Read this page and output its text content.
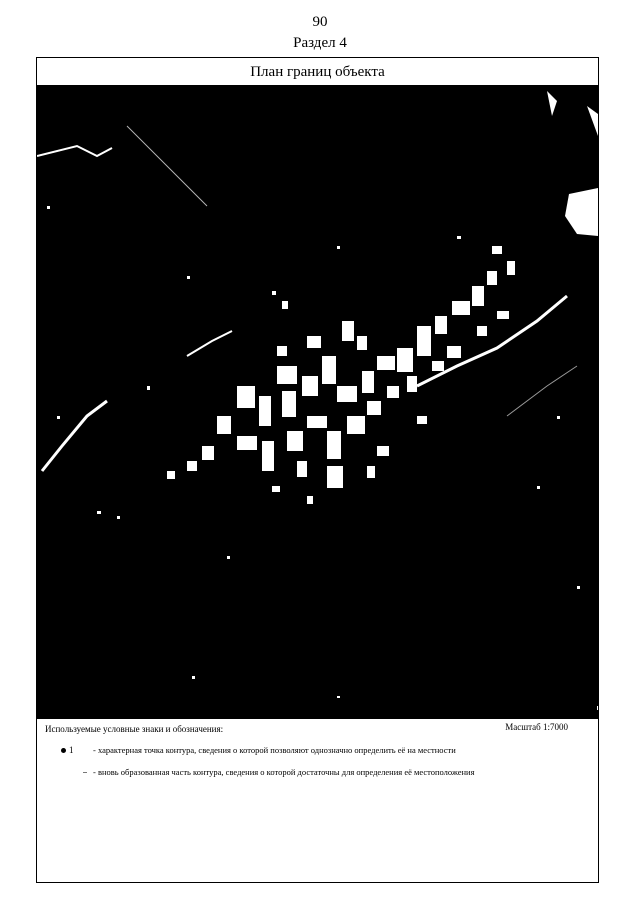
90
Раздел 4
План границ объекта
Используемые условные знаки и обозначения:	Масштаб 1:7000
1 - характерная точка контура, сведения о которой позволяют однозначно определить её на местности
- вновь образованная часть контура, сведения о которой достаточны для определения её местоположения
